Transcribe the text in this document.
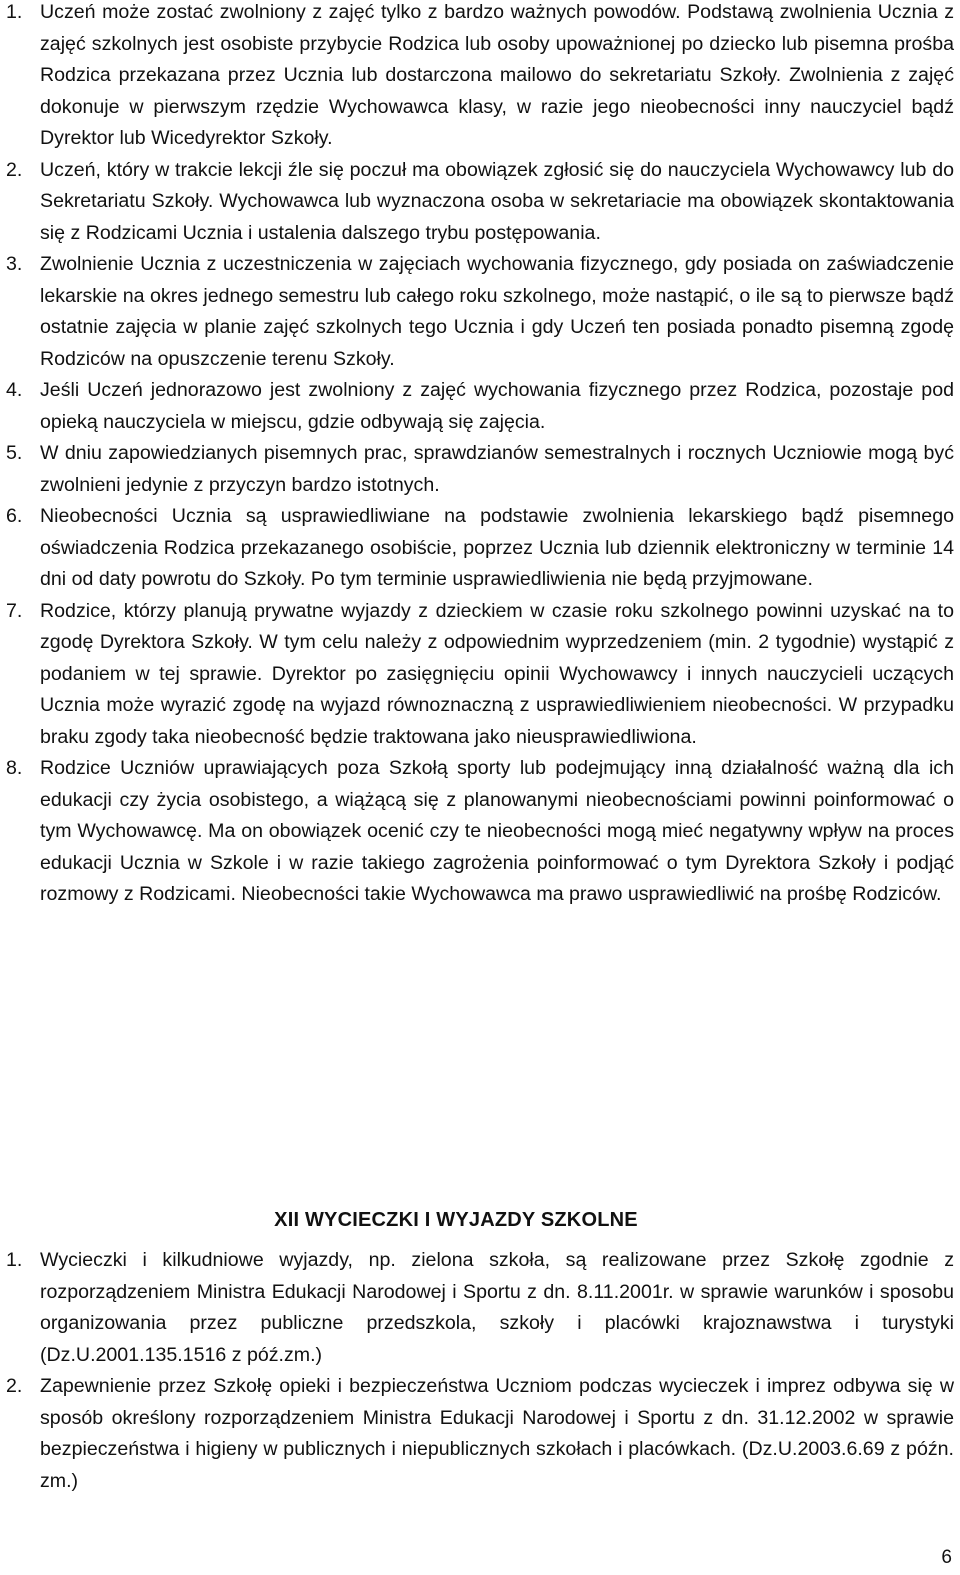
1. Uczeń może zostać zwolniony z zajęć tylko z bardzo ważnych powodów. Podstawą zwolnienia Ucznia z zajęć szkolnych jest osobiste przybycie Rodzica lub osoby upoważnionej po dziecko lub pisemna prośba Rodzica przekazana przez Ucznia lub dostarczona mailowo do sekretariatu Szkoły. Zwolnienia z zajęć dokonuje w pierwszym rzędzie Wychowawca klasy, w razie jego nieobecności inny nauczyciel bądź Dyrektor lub Wicedyrektor Szkoły.
2. Uczeń, który w trakcie lekcji źle się poczuł ma obowiązek zgłosić się do nauczyciela Wychowawcy lub do Sekretariatu Szkoły. Wychowawca lub wyznaczona osoba w sekretariacie ma obowiązek skontaktowania się z Rodzicami Ucznia i ustalenia dalszego trybu postępowania.
3. Zwolnienie Ucznia z uczestniczenia w zajęciach wychowania fizycznego, gdy posiada on zaświadczenie lekarskie na okres jednego semestru lub całego roku szkolnego, może nastąpić, o ile są to pierwsze bądź ostatnie zajęcia w planie zajęć szkolnych tego Ucznia i gdy Uczeń ten posiada ponadto pisemną zgodę Rodziców na opuszczenie terenu Szkoły.
4. Jeśli Uczeń jednorazowo jest zwolniony z zajęć wychowania fizycznego przez Rodzica, pozostaje pod opieką nauczyciela w miejscu, gdzie odbywają się zajęcia.
5. W dniu zapowiedzianych pisemnych prac, sprawdzianów semestralnych i rocznych Uczniowie mogą być zwolnieni jedynie z przyczyn bardzo istotnych.
6. Nieobecności Ucznia są usprawiedliwiane na podstawie zwolnienia lekarskiego bądź pisemnego oświadczenia Rodzica przekazanego osobiście, poprzez Ucznia lub dziennik elektroniczny w terminie 14 dni od daty powrotu do Szkoły. Po tym terminie usprawiedliwienia nie będą przyjmowane.
7. Rodzice, którzy planują prywatne wyjazdy z dzieckiem w czasie roku szkolnego powinni uzyskać na to zgodę Dyrektora Szkoły. W tym celu należy z odpowiednim wyprzedzeniem (min. 2 tygodnie) wystąpić z podaniem w tej sprawie. Dyrektor po zasięgnięciu opinii Wychowawcy i innych nauczycieli uczących Ucznia może wyrazić zgodę na wyjazd równoznaczną z usprawiedliwieniem nieobecności. W przypadku braku zgody taka nieobecność będzie traktowana jako nieusprawiedliwiona.
8. Rodzice Uczniów uprawiających poza Szkołą sporty lub podejmujący inną działalność ważną dla ich edukacji czy życia osobistego, a wiążącą się z planowanymi nieobecnościami powinni poinformować o tym Wychowawcę. Ma on obowiązek ocenić czy te nieobecności mogą mieć negatywny wpływ na proces edukacji Ucznia w Szkole i w razie takiego zagrożenia poinformować o tym Dyrektora Szkoły i podjąć rozmowy z Rodzicami. Nieobecności takie Wychowawca ma prawo usprawiedliwić na prośbę Rodziców.
XII WYCIECZKI I WYJAZDY SZKOLNE
1. Wycieczki i kilkudniowe wyjazdy, np. zielona szkoła, są realizowane przez Szkołę zgodnie z rozporządzeniem Ministra Edukacji Narodowej i Sportu z dn. 8.11.2001r. w sprawie warunków i sposobu organizowania przez publiczne przedszkola, szkoły i placówki krajoznawstwa i turystyki (Dz.U.2001.135.1516 z póź.zm.)
2. Zapewnienie przez Szkołę opieki i bezpieczeństwa Uczniom podczas wycieczek i imprez odbywa się w sposób określony rozporządzeniem Ministra Edukacji Narodowej i Sportu z dn. 31.12.2002 w sprawie bezpieczeństwa i higieny w publicznych i niepublicznych szkołach i placówkach. (Dz.U.2003.6.69 z późn. zm.)
6
